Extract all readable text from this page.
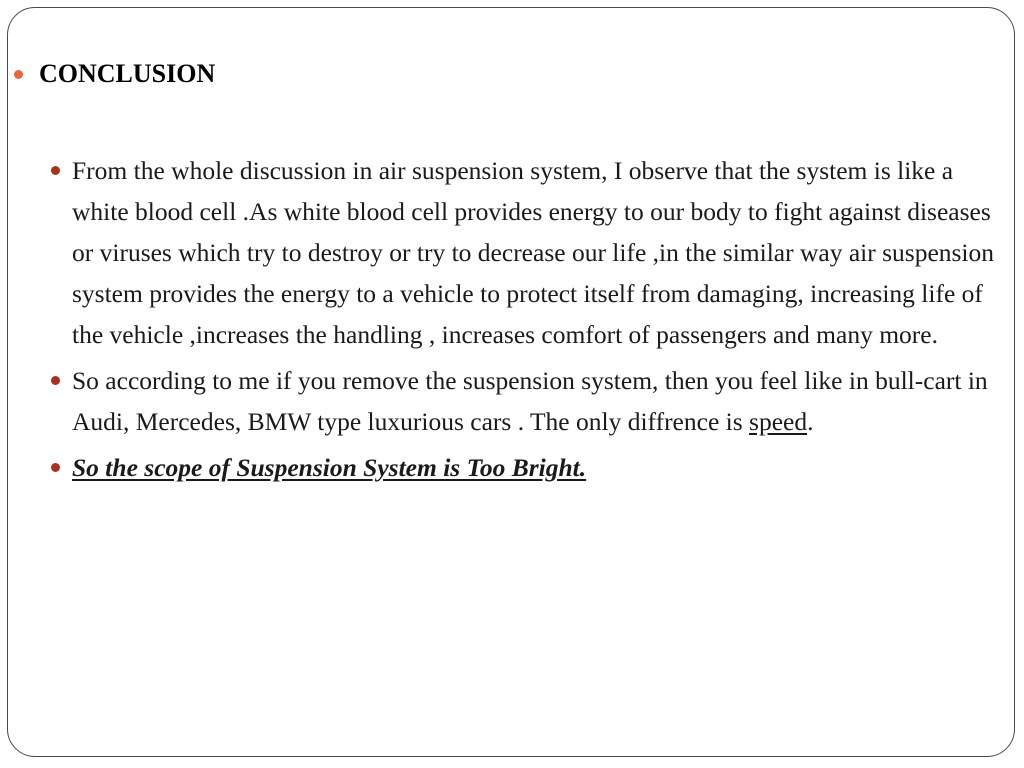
CONCLUSION
From the whole discussion in air suspension system, I observe that the system is like a white blood cell .As white blood cell provides energy to our body to fight against diseases or viruses which try to destroy or try to decrease our life ,in the similar way air suspension system provides the energy to a vehicle to protect itself from damaging, increasing life of the vehicle ,increases the handling , increases comfort of passengers and many more.
So according to me if you remove the suspension system, then you feel like in bull-cart in Audi, Mercedes, BMW type luxurious cars . The only diffrence is speed.
So the scope of Suspension System is Too Bright.
